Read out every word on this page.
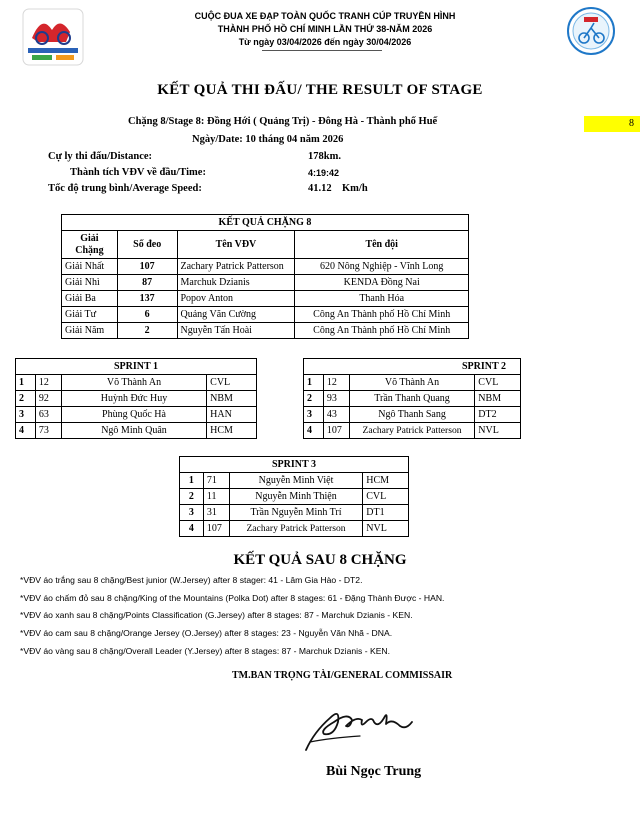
CUỘC ĐUA XE ĐẠP TOÀN QUỐC TRANH CÚP TRUYỀN HÌNH
THÀNH PHỐ HỒ CHÍ MINH LẦN THỨ 38-NĂM 2026
Từ ngày 03/04/2026 đến ngày 30/04/2026
KẾT QUẢ THI ĐẤU/ THE RESULT OF STAGE
Chặng 8/Stage 8: Đồng Hới ( Quảng Trị) - Đông Hà - Thành phố Huế	8
Ngày/Date: 10 tháng 04 năm 2026
Cự ly thi đấu/Distance:	178km.
Thành tích VĐV về đầu/Time:	4:19:42
Tốc độ trung bình/Average Speed:	41.12 Km/h
KẾT QUẢ CHẶNG 8			
Giải Chặng	Số đeo	Tên VĐV	Tên đội
Giải Nhất	107	Zachary Patrick Patterson	620 Nông Nghiệp - Vĩnh Long
Giải Nhì	87	Marchuk Dzianis	KENDA Đồng Nai
Giải Ba	137	Popov Anton	Thanh Hóa
Giải Tư	6	Quảng Văn Cường	Công An Thành phố Hồ Chí Minh
Giải Năm	2	Nguyễn Tấn Hoài	Công An Thành phố Hồ Chí Minh
SPRINT 1			
1	12	Võ Thành An	CVL
2	92	Huỳnh Đức Huy	NBM
3	63	Phùng Quốc Hà	HAN
4	73	Ngô Minh Quân	HCM
SPRINT 2			
1	12	Võ Thành An	CVL
2	93	Trần Thanh Quang	NBM
3	43	Ngô Thanh Sang	DT2
4	107	Zachary Patrick Patterson	NVL
SPRINT 3			
1	71	Nguyễn Minh Việt	HCM
2	11	Nguyễn Minh Thiện	CVL
3	31	Trần Nguyễn Minh Trí	DT1
4	107	Zachary Patrick Patterson	NVL
KẾT QUẢ SAU 8 CHẶNG
*VĐV áo trắng sau 8 chặng/Best junior (W.Jersey) after 8 stager: 41 - Lâm Gia Hào - DT2.
*VĐV áo chấm đỏ sau 8 chặng/King of the Mountains (Polka Dot) after 8 stages: 61 - Đặng Thành Được - HAN.
*VĐV áo xanh sau 8 chặng/Points Classification (G.Jersey) after 8 stages: 87 - Marchuk Dzianis - KEN.
*VĐV áo cam sau 8 chặng/Orange Jersey (O.Jersey) after 8 stages: 23 - Nguyễn Văn Nhã - DNA.
*VĐV áo vàng sau 8 chặng/Overall Leader (Y.Jersey) after 8 stages: 87 - Marchuk Dzianis - KEN.
TM.BAN TRỌNG TÀI/GENERAL COMMISSAIR
Bùi Ngọc Trung
